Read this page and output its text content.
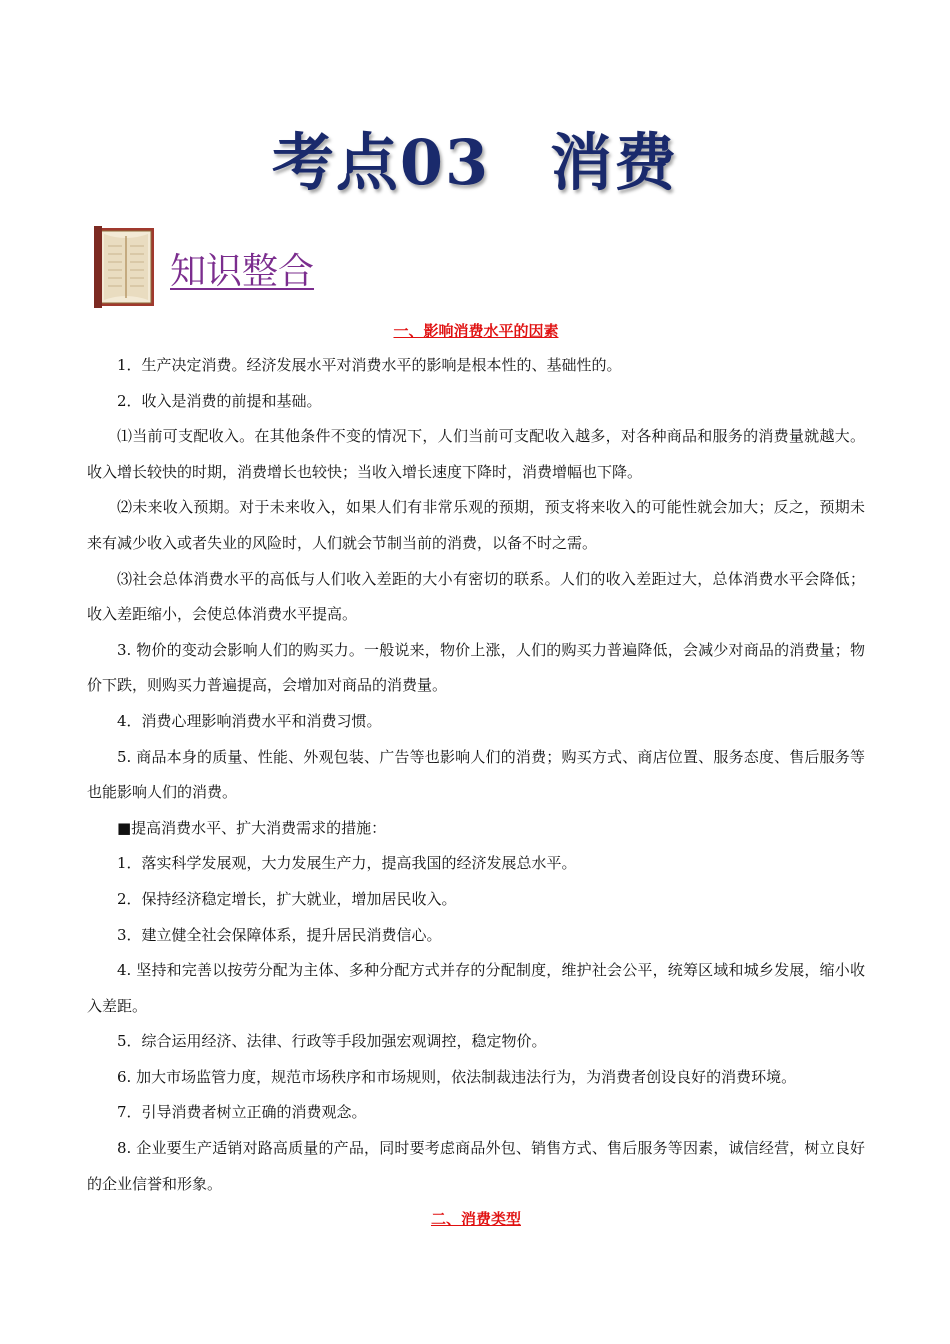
考点03 消费
知识整合

一、影响消费水平的因素

1．生产决定消费。经济发展水平对消费水平的影响是根本性的、基础性的。

2．收入是消费的前提和基础。

⑴当前可支配收入。在其他条件不变的情况下，人们当前可支配收入越多，对各种商品和服务的消费量就越大。收入增长较快的时期，消费增长也较快；当收入增长速度下降时，消费增幅也下降。

⑵未来收入预期。对于未来收入，如果人们有非常乐观的预期，预支将来收入的可能性就会加大；反之，预期未来有减少收入或者失业的风险时，人们就会节制当前的消费，以备不时之需。

⑶社会总体消费水平的高低与人们收入差距的大小有密切的联系。人们的收入差距过大，总体消费水平会降低；收入差距缩小，会使总体消费水平提高。

3. 物价的变动会影响人们的购买力。一般说来，物价上涨，人们的购买力普遍降低，会减少对商品的消费量；物价下跌，则购买力普遍提高，会增加对商品的消费量。

4．消费心理影响消费水平和消费习惯。

5. 商品本身的质量、性能、外观包装、广告等也影响人们的消费；购买方式、商店位置、服务态度、售后服务等也能影响人们的消费。

■提高消费水平、扩大消费需求的措施：

1．落实科学发展观，大力发展生产力，提高我国的经济发展总水平。

2．保持经济稳定增长，扩大就业，增加居民收入。

3．建立健全社会保障体系，提升居民消费信心。

4. 坚持和完善以按劳分配为主体、多种分配方式并存的分配制度，维护社会公平，统筹区域和城乡发展，缩小收入差距。

5．综合运用经济、法律、行政等手段加强宏观调控，稳定物价。

6. 加大市场监管力度，规范市场秩序和市场规则，依法制裁违法行为，为消费者创设良好的消费环境。

7．引导消费者树立正确的消费观念。

8. 企业要生产适销对路高质量的产品，同时要考虑商品外包、销售方式、售后服务等因素，诚信经营，树立良好的企业信誉和形象。

二、消费类型
